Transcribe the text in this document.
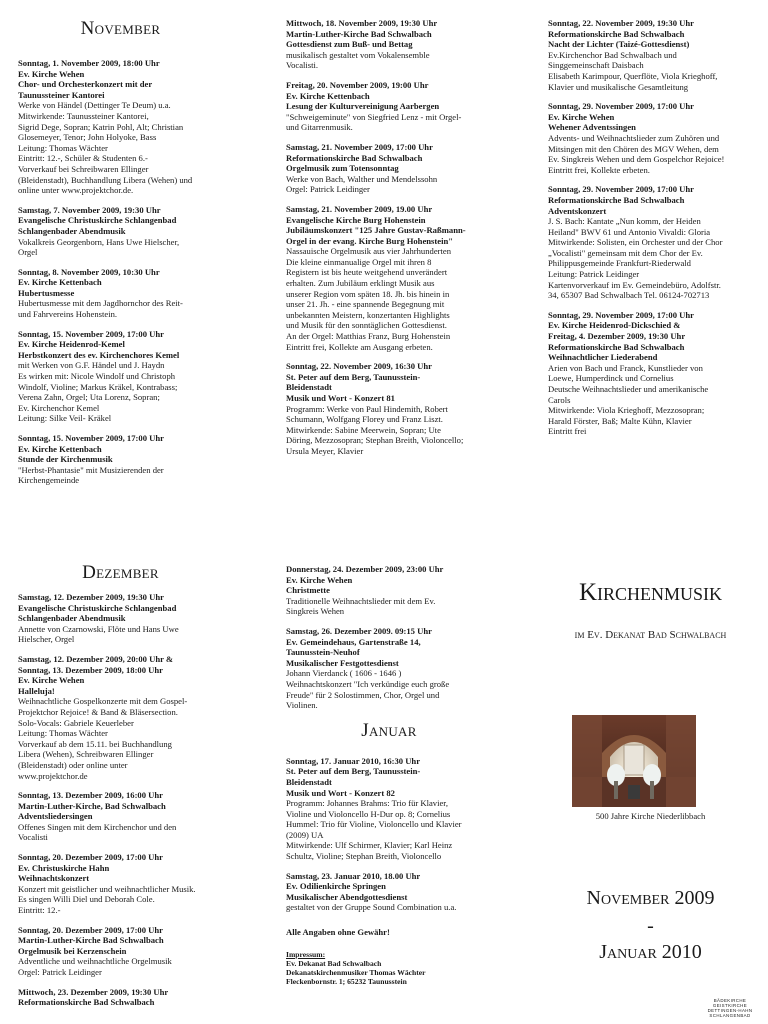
November
Sonntag, 1. November 2009, 18:00 Uhr
Ev. Kirche Wehen
Chor- und Orchesterkonzert mit der
Taunussteiner Kantorei
Werke von Händel (Dettinger Te Deum) u.a.
Mitwirkende: Taunussteiner Kantorei,
Sigrid Dege, Sopran; Katrin Pohl, Alt; Christian
Glosemeyer, Tenor; John Holyoke, Bass
Leitung: Thomas Wächter
Eintritt: 12.-, Schüler & Studenten 6.-
Vorverkauf bei Schreibwaren Ellinger
(Bleidenstadt), Buchhandlung Libera (Wehen) und
online unter www.projektchor.de.
Samstag, 7. November 2009, 19:30 Uhr
Evangelische Christuskirche Schlangenbad
Schlangenbader Abendmusik
Vokalkreis Georgenborn, Hans Uwe Hielscher,
Orgel
Sonntag, 8. November 2009, 10:30 Uhr
Ev. Kirche Kettenbach
Hubertusmesse
Hubertusmesse mit dem Jagdhornchor des Reit-
und Fahrvereins Hohenstein.
Sonntag, 15. November 2009, 17:00 Uhr
Ev. Kirche Heidenrod-Kemel
Herbstkonzert des ev. Kirchenchores Kemel
mit Werken von G.F. Händel und J. Haydn
Es wirken mit: Nicole Windolf und Christoph
Windolf, Violine; Markus Kräkel, Kontrabass;
Verena Zahn, Orgel; Uta Lorenz, Sopran;
Ev. Kirchenchor Kemel
Leitung: Silke Veil- Kräkel
Sonntag, 15. November 2009, 17:00 Uhr
Ev. Kirche Kettenbach
Stunde der Kirchenmusik
"Herbst-Phantasie" mit Musizierenden der
Kirchengemeinde
Mittwoch, 18. November 2009, 19:30 Uhr
Martin-Luther-Kirche Bad Schwalbach
Gottesdienst zum Buß- und Bettag
musikalisch gestaltet vom Vokalensemble
Vocalisti.
Freitag, 20. November 2009, 19:00 Uhr
Ev. Kirche Kettenbach
Lesung der Kulturvereinigung Aarbergen
"Schweigeminute" von Siegfried Lenz - mit Orgel-
und Gitarrenmusik.
Samstag, 21. November 2009, 17:00 Uhr
Reformationskirche Bad Schwalbach
Orgelmusik zum Totensonntag
Werke von Bach, Walther und Mendelssohn
Orgel: Patrick Leidinger
Samstag, 21. November 2009, 19.00 Uhr
Evangelische Kirche Burg Hohenstein
Jubiläumskonzert "125 Jahre Gustav-Raßmann-
Orgel in der evang. Kirche Burg Hohenstein"
Nassauische Orgelmusik aus vier Jahrhunderten
Die kleine einmanualige Orgel mit ihren 8
Registern ist bis heute weitgehend unverändert
erhalten. Zum Jubiläum erklingt Musik aus
unserer Region vom späten 18. Jh. bis hinein in
unser 21. Jh. - eine spannende Begegnung mit
unbekannten Meistern, konzertanten Highlights
und Musik für den sonntäglichen Gottesdienst.
An der Orgel: Matthias Franz, Burg Hohenstein
Eintritt frei, Kollekte am Ausgang erbeten.
Sonntag, 22. November 2009, 16:30 Uhr
St. Peter auf dem Berg, Taunusstein-
Bleidenstadt
Musik und Wort - Konzert 81
Programm: Werke von Paul Hindemith, Robert
Schumann, Wolfgang Florey und Franz Liszt.
Mitwirkende: Sabine Meerwein, Sopran; Ute
Döring, Mezzosopran; Stephan Breith, Violoncello;
Ursula Meyer, Klavier
Sonntag, 22. November 2009, 19:30 Uhr
Reformationskirche Bad Schwalbach
Nacht der Lichter (Taizé-Gottesdienst)
Ev.Kirchenchor Bad Schwalbach und
Singgemeinschaft Daisbach
Elisabeth Karimpour, Querflöte, Viola Krieghoff,
Klavier und musikalische Gesamtleitung
Sonntag, 29. November 2009, 17:00 Uhr
Ev. Kirche Wehen
Wehener Adventssingen
Advents- und Weihnachtslieder zum Zuhören und
Mitsingen mit den Chören des MGV Wehen, dem
Ev. Singkreis Wehen und dem Gospelchor Rejoice!
Eintritt frei, Kollekte erbeten.
Sonntag, 29. November 2009, 17:00 Uhr
Reformationskirche Bad Schwalbach
Adventskonzert
J. S. Bach: Kantate „Nun komm, der Heiden
Heiland" BWV 61 und Antonio Vivaldi: Gloria
Mitwirkende: Solisten, ein Orchester und der Chor
„Vocalisti" gemeinsam mit dem Chor der Ev.
Philippusgemeinde Frankfurt-Riederwald
Leitung: Patrick Leidinger
Kartenvorverkauf im Ev. Gemeindebüro, Adolfstr.
34, 65307 Bad Schwalbach Tel. 06124-702713
Sonntag, 29. November 2009, 17:00 Uhr
Ev. Kirche Heidenrod-Dickschied &
Freitag, 4. Dezember 2009, 19:30 Uhr
Reformationskirche Bad Schwalbach
Weihnachtlicher Liederabend
Arien von Bach und Franck, Kunstlieder von
Loewe, Humperdinck und Cornelius
Deutsche Weihnachtslieder und amerikanische
Carols
Mitwirkende: Viola Krieghoff, Mezzosopran;
Harald Förster, Baß; Malte Kühn, Klavier
Eintritt frei
Dezember
Samstag, 12. Dezember 2009, 19:30 Uhr
Evangelische Christuskirche Schlangenbad
Schlangenbader Abendmusik
Annette von Czarnowski, Flöte und Hans Uwe
Hielscher, Orgel
Samstag, 12. Dezember 2009, 20:00 Uhr &
Sonntag, 13. Dezember 2009, 18:00 Uhr
Ev. Kirche Wehen
Halleluja!
Weihnachtliche Gospelkonzerte mit dem Gospel-
Projektchor Rejoice! & Band & Bläsersection.
Solo-Vocals: Gabriele Keuerleber
Leitung: Thomas Wächter
Vorverkauf ab dem 15.11. bei Buchhandlung
Libera (Wehen), Schreibwaren Ellinger
(Bleidenstadt) oder online unter
www.projektchor.de
Sonntag, 13. Dezember 2009, 16:00 Uhr
Martin-Luther-Kirche, Bad Schwalbach
Adventsliedersingen
Offenes Singen mit dem Kirchenchor und den
Vocalisti
Sonntag, 20. Dezember 2009, 17:00 Uhr
Ev. Christuskirche Hahn
Weihnachtskonzert
Konzert mit geistlicher und weihnachtlicher Musik.
Es singen Willi Diel und Deborah Cole.
Eintritt: 12.-
Sonntag, 20. Dezember 2009, 17:00 Uhr
Martin-Luther-Kirche Bad Schwalbach
Orgelmusik bei Kerzenschein
Adventliche und weihnachtliche Orgelmusik
Orgel: Patrick Leidinger
Mittwoch, 23. Dezember 2009, 19:30 Uhr
Reformationskirche Bad Schwalbach
Donnerstag, 24. Dezember 2009, 23:00 Uhr
Ev. Kirche Wehen
Christmette
Traditionelle Weihnachtslieder mit dem Ev.
Singkreis Wehen
Samstag, 26. Dezember 2009. 09:15 Uhr
Ev. Gemeindehaus, Gartenstraße 14,
Taunusstein-Neuhof
Musikalischer Festgottesdienst
Johann Vierdanck ( 1606 - 1646 )
Weihnachtskonzert "Ich verkündige euch große
Freude" für 2 Solostimmen, Chor, Orgel und
Violinen.
Januar
Sonntag, 17. Januar 2010, 16:30 Uhr
St. Peter auf dem Berg, Taunusstein-
Bleidenstadt
Musik und Wort - Konzert 82
Programm: Johannes Brahms: Trio für Klavier,
Violine und Violoncello H-Dur op. 8; Cornelius
Hummel: Trio für Violine, Violoncello und Klavier
(2009) UA
Mitwirkende: Ulf Schirmer, Klavier; Karl Heinz
Schultz, Violine; Stephan Breith, Violoncello
Samstag, 23. Januar 2010, 18.00 Uhr
Ev. Odilienkirche Springen
Musikalischer Abendgottesdienst
gestaltet von der Gruppe Sound Combination u.a.
Alle Angaben ohne Gewähr!
Impressum:
Ev. Dekanat Bad Schwalbach
Dekanatskirchenmusiker Thomas Wächter
Fleckenbornstr. 1; 65232 Taunusstein
Kirchenmusik
im Ev. Dekanat Bad Schwalbach
500 Jahre Kirche Niederlibbach
November 2009
-
Januar 2010
BÄDEKIRCHE
GEISTKIRCHE
DETTINGEN-HAHN
SCHLANGENBAD
